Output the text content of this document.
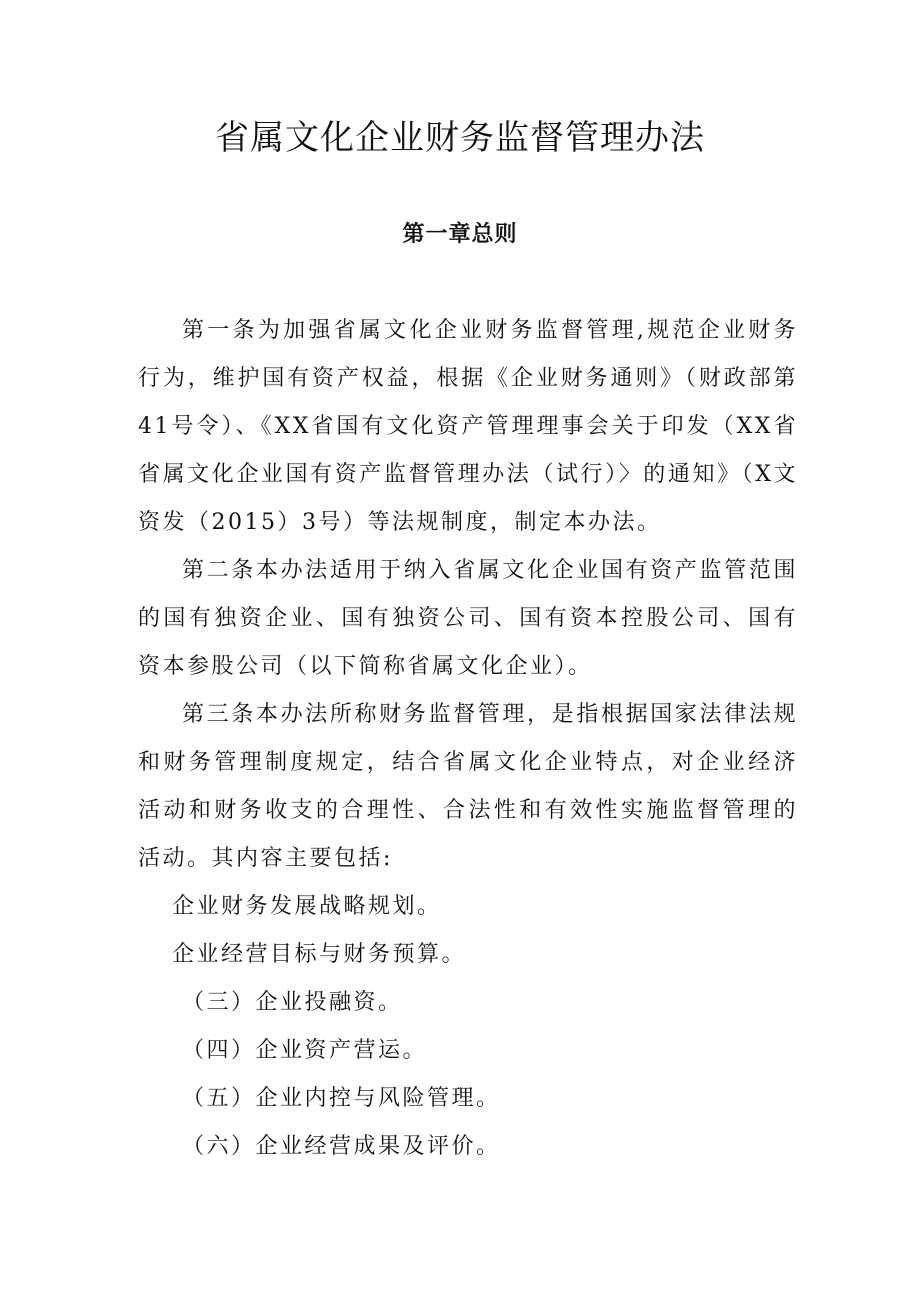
省属文化企业财务监督管理办法
第一章总则

第一条为加强省属文化企业财务监督管理,规范企业财务行为，维护国有资产权益，根据《企业财务通则》（财政部第41号令）、《XX省国有文化资产管理理事会关于印发（XX省省属文化企业国有资产监督管理办法（试行）〉的通知》（X文资发（2015）3号）等法规制度，制定本办法。

第二条本办法适用于纳入省属文化企业国有资产监管范围的国有独资企业、国有独资公司、国有资本控股公司、国有资本参股公司（以下简称省属文化企业）。

第三条本办法所称财务监督管理，是指根据国家法律法规和财务管理制度规定，结合省属文化企业特点，对企业经济活动和财务收支的合理性、合法性和有效性实施监督管理的活动。其内容主要包括:

企业财务发展战略规划。

企业经营目标与财务预算。

（三）企业投融资。

（四）企业资产营运。

（五）企业内控与风险管理。

（六）企业经营成果及评价。
